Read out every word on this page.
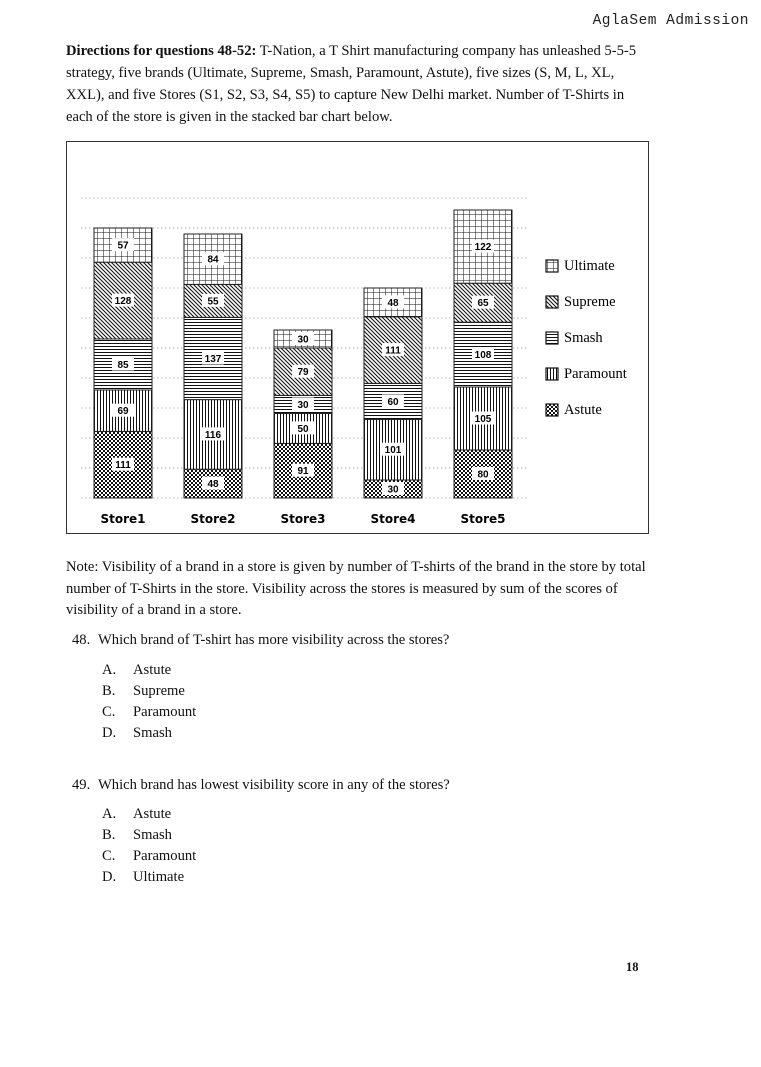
AglaSem Admission

Directions for questions 48-52: T-Nation, a T Shirt manufacturing company has unleashed 5-5-5 strategy, five brands (Ultimate, Supreme, Smash, Paramount, Astute), five sizes (S, M, L, XL, XXL), and five Stores (S1, S2, S3, S4, S5) to capture New Delhi market. Number of T-Shirts in each of the store is given in the stacked bar chart below.

111
69
85
128
57
48
116
137
55
84
91
50
30
79
30
30
101
60
111
48
80
105
108
65
122
Store1	Store2	Store3	Store4	Store5
Ultimate
Supreme
Smash
Paramount
Astute

Note: Visibility of a brand in a store is given by number of T-shirts of the brand in the store by total number of T-Shirts in the store. Visibility across the stores is measured by sum of the scores of visibility of a brand in a store.

48. Which brand of T-shirt has more visibility across the stores?

A. Astute
B. Supreme
C. Paramount
D. Smash

49. Which brand has lowest visibility score in any of the stores?

A. Astute
B. Smash
C. Paramount
D. Ultimate
18
